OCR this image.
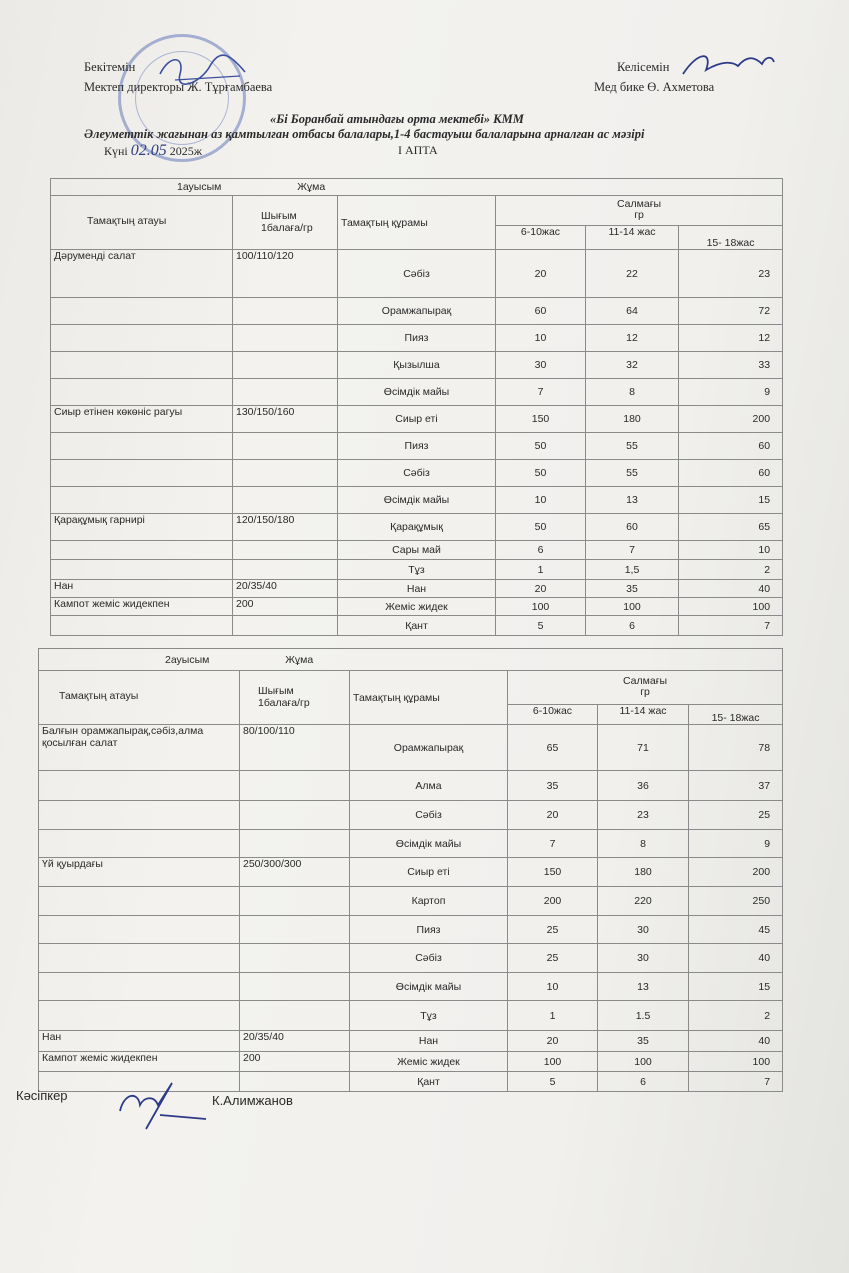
Бекітемін
Мектеп директоры Ж. Тұрғамбаева
Келісемін
Мед бике Ө. Ахметова
«Бі Боранбай атындағы орта мектебі» КММ
Әлеуметтік жағынан аз қамтылған отбасы балалары,1-4 бастауыш балаларына арналған ас мәзірі
Күні 02.05 2025ж	I АПТА
1ауысым Жұма					
Тамақтың атауы	Шығым
1балаға/гр	Тамақтың құрамы	Салмағы
гр		
			6-10жас	11-14 жас	15- 18жас
Дәрумендi салат	100/110/120	Сәбіз	20	22	23
		Орамжапырақ	60	64	72
		Пияз	10	12	12
		Қызылша	30	32	33
		Өсімдік майы	7	8	9
Сиыр етінен көкөніс рагуы	130/150/160	Сиыр еті	150	180	200
		Пияз	50	55	60
		Сәбіз	50	55	60
		Өсімдік майы	10	13	15
Қарақұмық гарнирі	120/150/180	Қарақұмық	50	60	65
		Сары май	6	7	10
		Тұз	1	1,5	2
Нан	20/35/40	Нан	20	35	40
Кампот жеміс жидекпен	200	Жеміс жидек	100	100	100
		Қант	5	6	7
2ауысым Жұма					
Тамақтың атауы	Шығым
1балаға/гр	Тамақтың құрамы	Салмағы
гр		
			6-10жас	11-14 жас	15- 18жас
Балғын орамжапырақ,сәбіз,алма
қосылған салат	80/100/110	Орамжапырақ	65	71	78
		Алма	35	36	37
		Сәбіз	20	23	25
		Өсімдік майы	7	8	9
Үй қуырдағы	250/300/300	Сиыр еті	150	180	200
		Картоп	200	220	250
		Пияз	25	30	45
		Сәбіз	25	30	40
		Өсімдік майы	10	13	15
		Тұз	1	1.5	2
Нан	20/35/40	Нан	20	35	40
Кампот жеміс жидекпен	200	Жеміс жидек	100	100	100
		Қант	5	6	7
Кәсіпкер	К.Алимжанов
